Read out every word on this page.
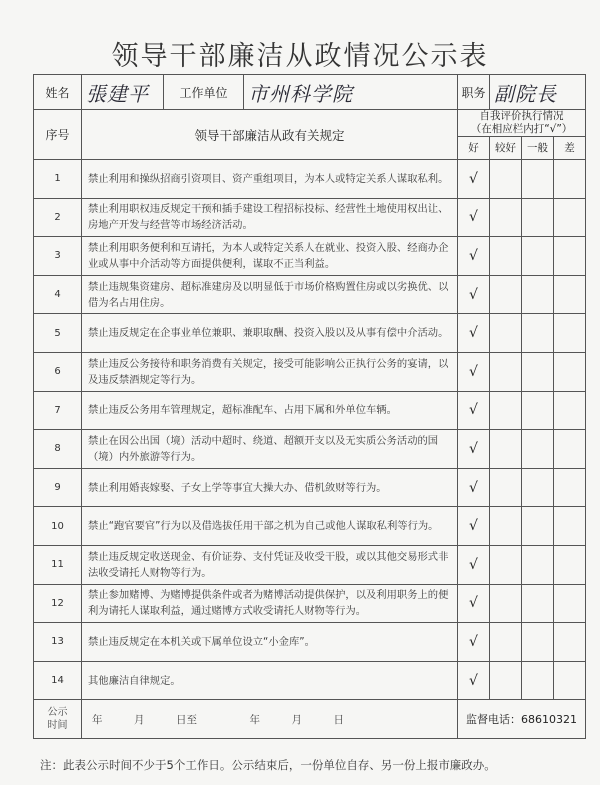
领导干部廉洁从政情况公示表
姓名	張建平	工作单位	市州科学院	职务	副院長		
序号	领导干部廉洁从政有关规定			自我评价执行情况
（在相应栏内打“√”）			

				好	较好	一般	差
1	禁止利用和操纵招商引资项目、资产重组项目，为本人或特定关系人谋取私利。			√			
2	禁止利用职权违反规定干预和插手建设工程招标投标、经营性土地使用权出让、房地产开发与经营等市场经济活动。			√			
3	禁止利用职务便利和互请托，为本人或特定关系人在就业、投资入股、经商办企业或从事中介活动等方面提供便利，谋取不正当利益。			√			
4	禁止违规集资建房、超标准建房及以明显低于市场价格购置住房或以劣换优、以借为名占用住房。			√			
5	禁止违反规定在企事业单位兼职、兼职取酬、投资入股以及从事有偿中介活动。			√			
6	禁止违反公务接待和职务消费有关规定，接受可能影响公正执行公务的宴请，以及违反禁酒规定等行为。			√			
7	禁止违反公务用车管理规定，超标准配车、占用下属和外单位车辆。			√			
8	禁止在因公出国（境）活动中超时、绕道、超额开支以及无实质公务活动的国（境）内外旅游等行为。			√			
9	禁止利用婚丧嫁娶、子女上学等事宜大操大办、借机敛财等行为。			√			
10	禁止“跑官要官”行为以及借选拔任用干部之机为自己或他人谋取私利等行为。			√			
11	禁止违反规定收送现金、有价证券、支付凭证及收受干股，或以其他交易形式非法收受请托人财物等行为。			√			
12	禁止参加赌博、为赌博提供条件或者为赌博活动提供保护，以及利用职务上的便利为请托人谋取利益，通过赌博方式收受请托人财物等行为。			√			
13	禁止违反规定在本机关或下属单位设立“小金库”。			√			
14	其他廉洁自律规定。			√			

公示
时间	年　　　月　　　日至　　　　　年　　　月　　　日			监督电话：68610321			
注：此表公示时间不少于5个工作日。公示结束后，一份单位自存、另一份上报市廉政办。
